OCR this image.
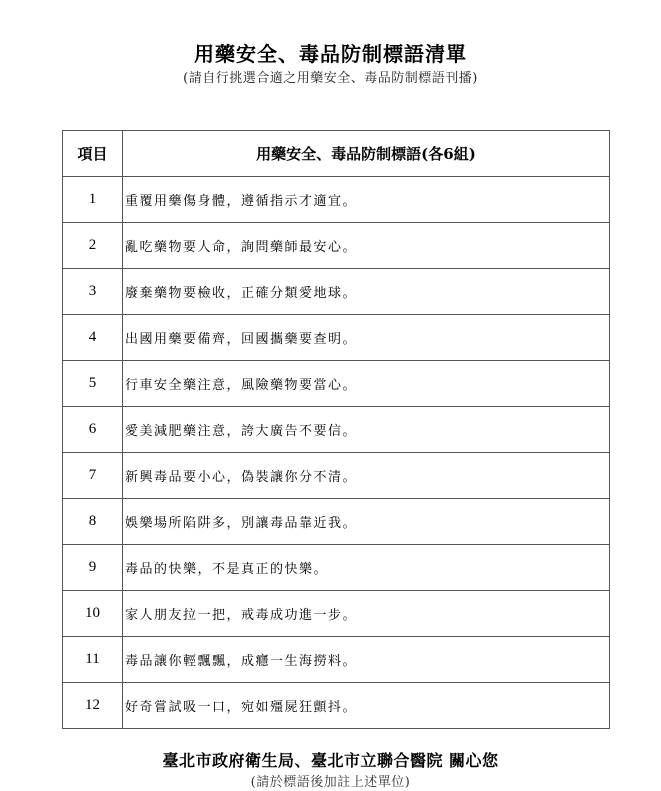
用藥安全、毒品防制標語清單
(請自行挑選合適之用藥安全、毒品防制標語刊播)
項目	用藥安全、毒品防制標語(各6組)
1	重覆用藥傷身體，遵循指示才適宜。
2	亂吃藥物要人命，詢問藥師最安心。
3	廢棄藥物要檢收，正確分類愛地球。
4	出國用藥要備齊，回國攜藥要查明。
5	行車安全藥注意，風險藥物要當心。
6	愛美減肥藥注意，誇大廣告不要信。
7	新興毒品要小心，偽裝讓你分不清。
8	娛樂場所陷阱多，別讓毒品靠近我。
9	毒品的快樂，不是真正的快樂。
10	家人朋友拉一把，戒毒成功進一步。
11	毒品讓你輕飄飄，成癮一生海撈料。
12	好奇嘗試吸一口，宛如殭屍狂顫抖。
臺北市政府衛生局、臺北市立聯合醫院 關心您
(請於標語後加註上述單位)
